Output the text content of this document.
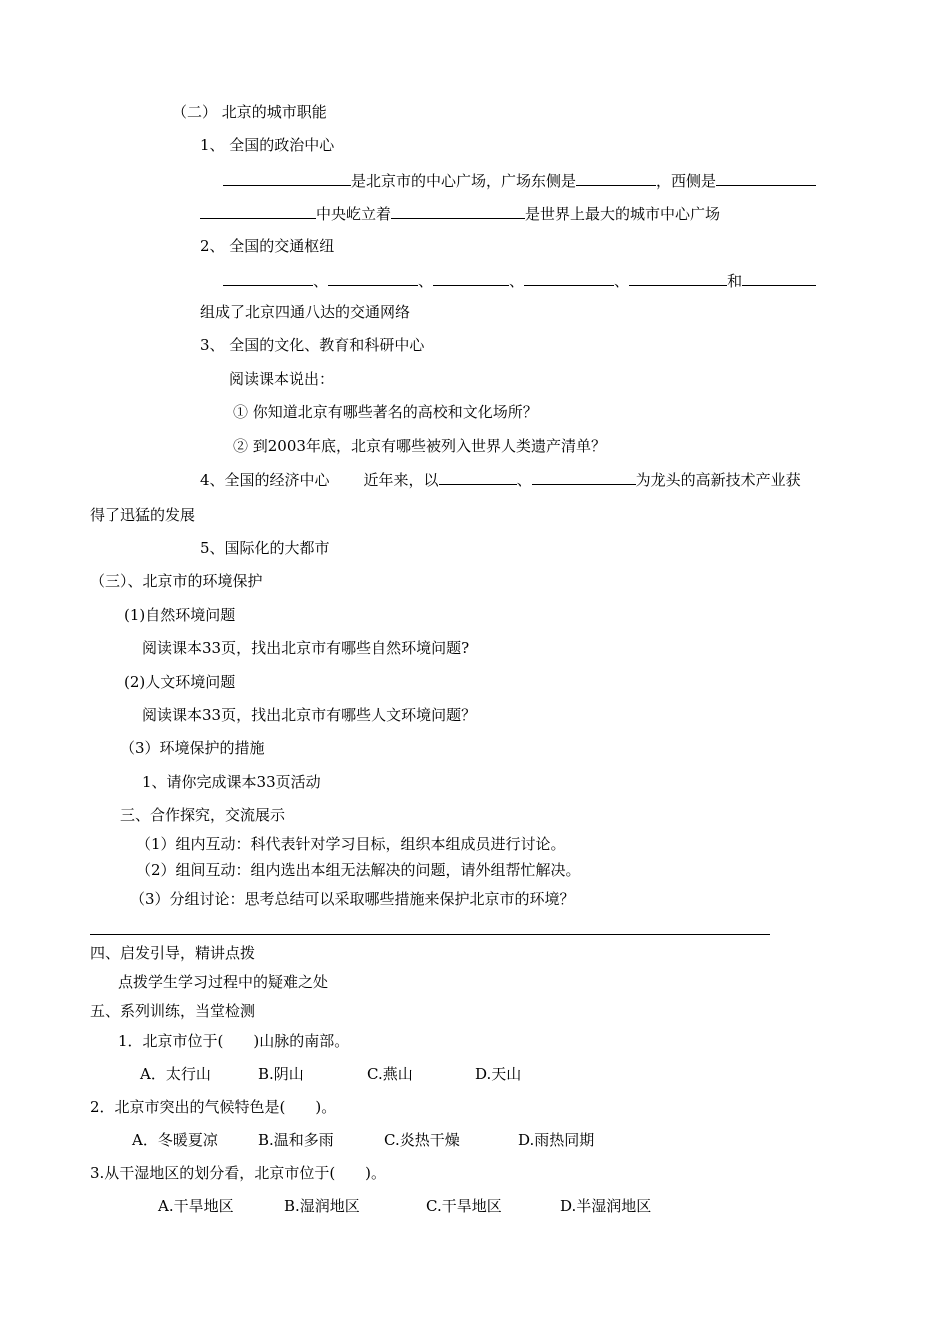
（二） 北京的城市职能
1、 全国的政治中心
是北京市的中心广场，广场东侧是	，西侧是
中央屹立着	是世界上最大的城市中心广场
2、 全国的交通枢纽
、	、	、	、	和
组成了北京四通八达的交通网络
3、 全国的文化、教育和科研中心
阅读课本说出：
① 你知道北京有哪些著名的高校和文化场所？
② 到2003年底，北京有哪些被列入世界人类遗产清单？
4、全国的经济中心 近年来，以	、	为龙头的高新技术产业获
得了迅猛的发展
5、国际化的大都市
（三）、北京市的环境保护
(1)自然环境问题
阅读课本33页，找出北京市有哪些自然环境问题?
(2)人文环境问题
阅读课本33页，找出北京市有哪些人文环境问题？
（3）环境保护的措施
1、请你完成课本33页活动
三、合作探究，交流展示
（1）组内互动：科代表针对学习目标，组织本组成员进行讨论。
（2）组间互动：组内选出本组无法解决的问题，请外组帮忙解决。
（3）分组讨论：思考总结可以采取哪些措施来保护北京市的环境？
四、启发引导，精讲点拨
点拨学生学习过程中的疑难之处
五、系列训练，当堂检测
1．北京市位于(　　)山脉的南部。
A．太行山	B.阴山	C.燕山	D.天山
2．北京市突出的气候特色是(　　)。
A．冬暖夏凉	B.温和多雨	C.炎热干燥	D.雨热同期
3.从干湿地区的划分看，北京市位于(　　)。
A.干旱地区	B.湿润地区	C.干旱地区	D.半湿润地区
